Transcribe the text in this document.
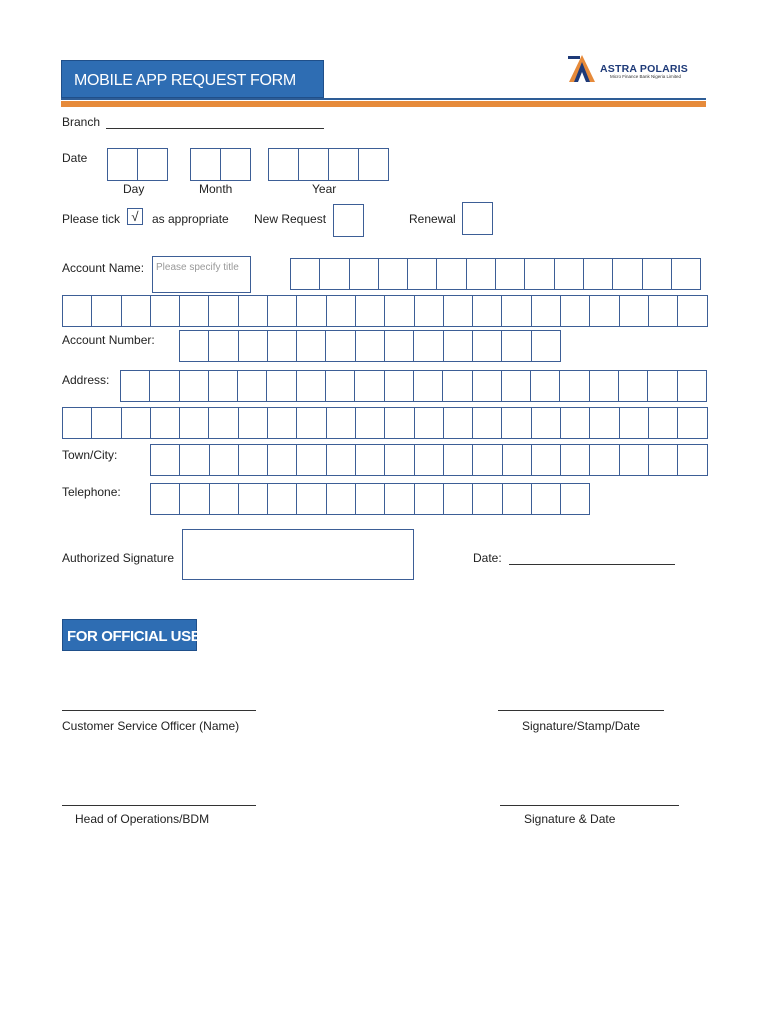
MOBILE APP REQUEST FORM
ASTRA POLARIS
Micro Finance Bank Nigeria Limited
Branch
Date
Day	Month	Year
Please tick √	as appropriate New Request	Renewal
Account Name:	Please specify title
Account Number:
Address:
Town/City:
Telephone:
Authorized Signature	Date:
FOR OFFICIAL USE
Customer Service Officer (Name)	Signature/Stamp/Date
Head of Operations/BDM	Signature & Date
